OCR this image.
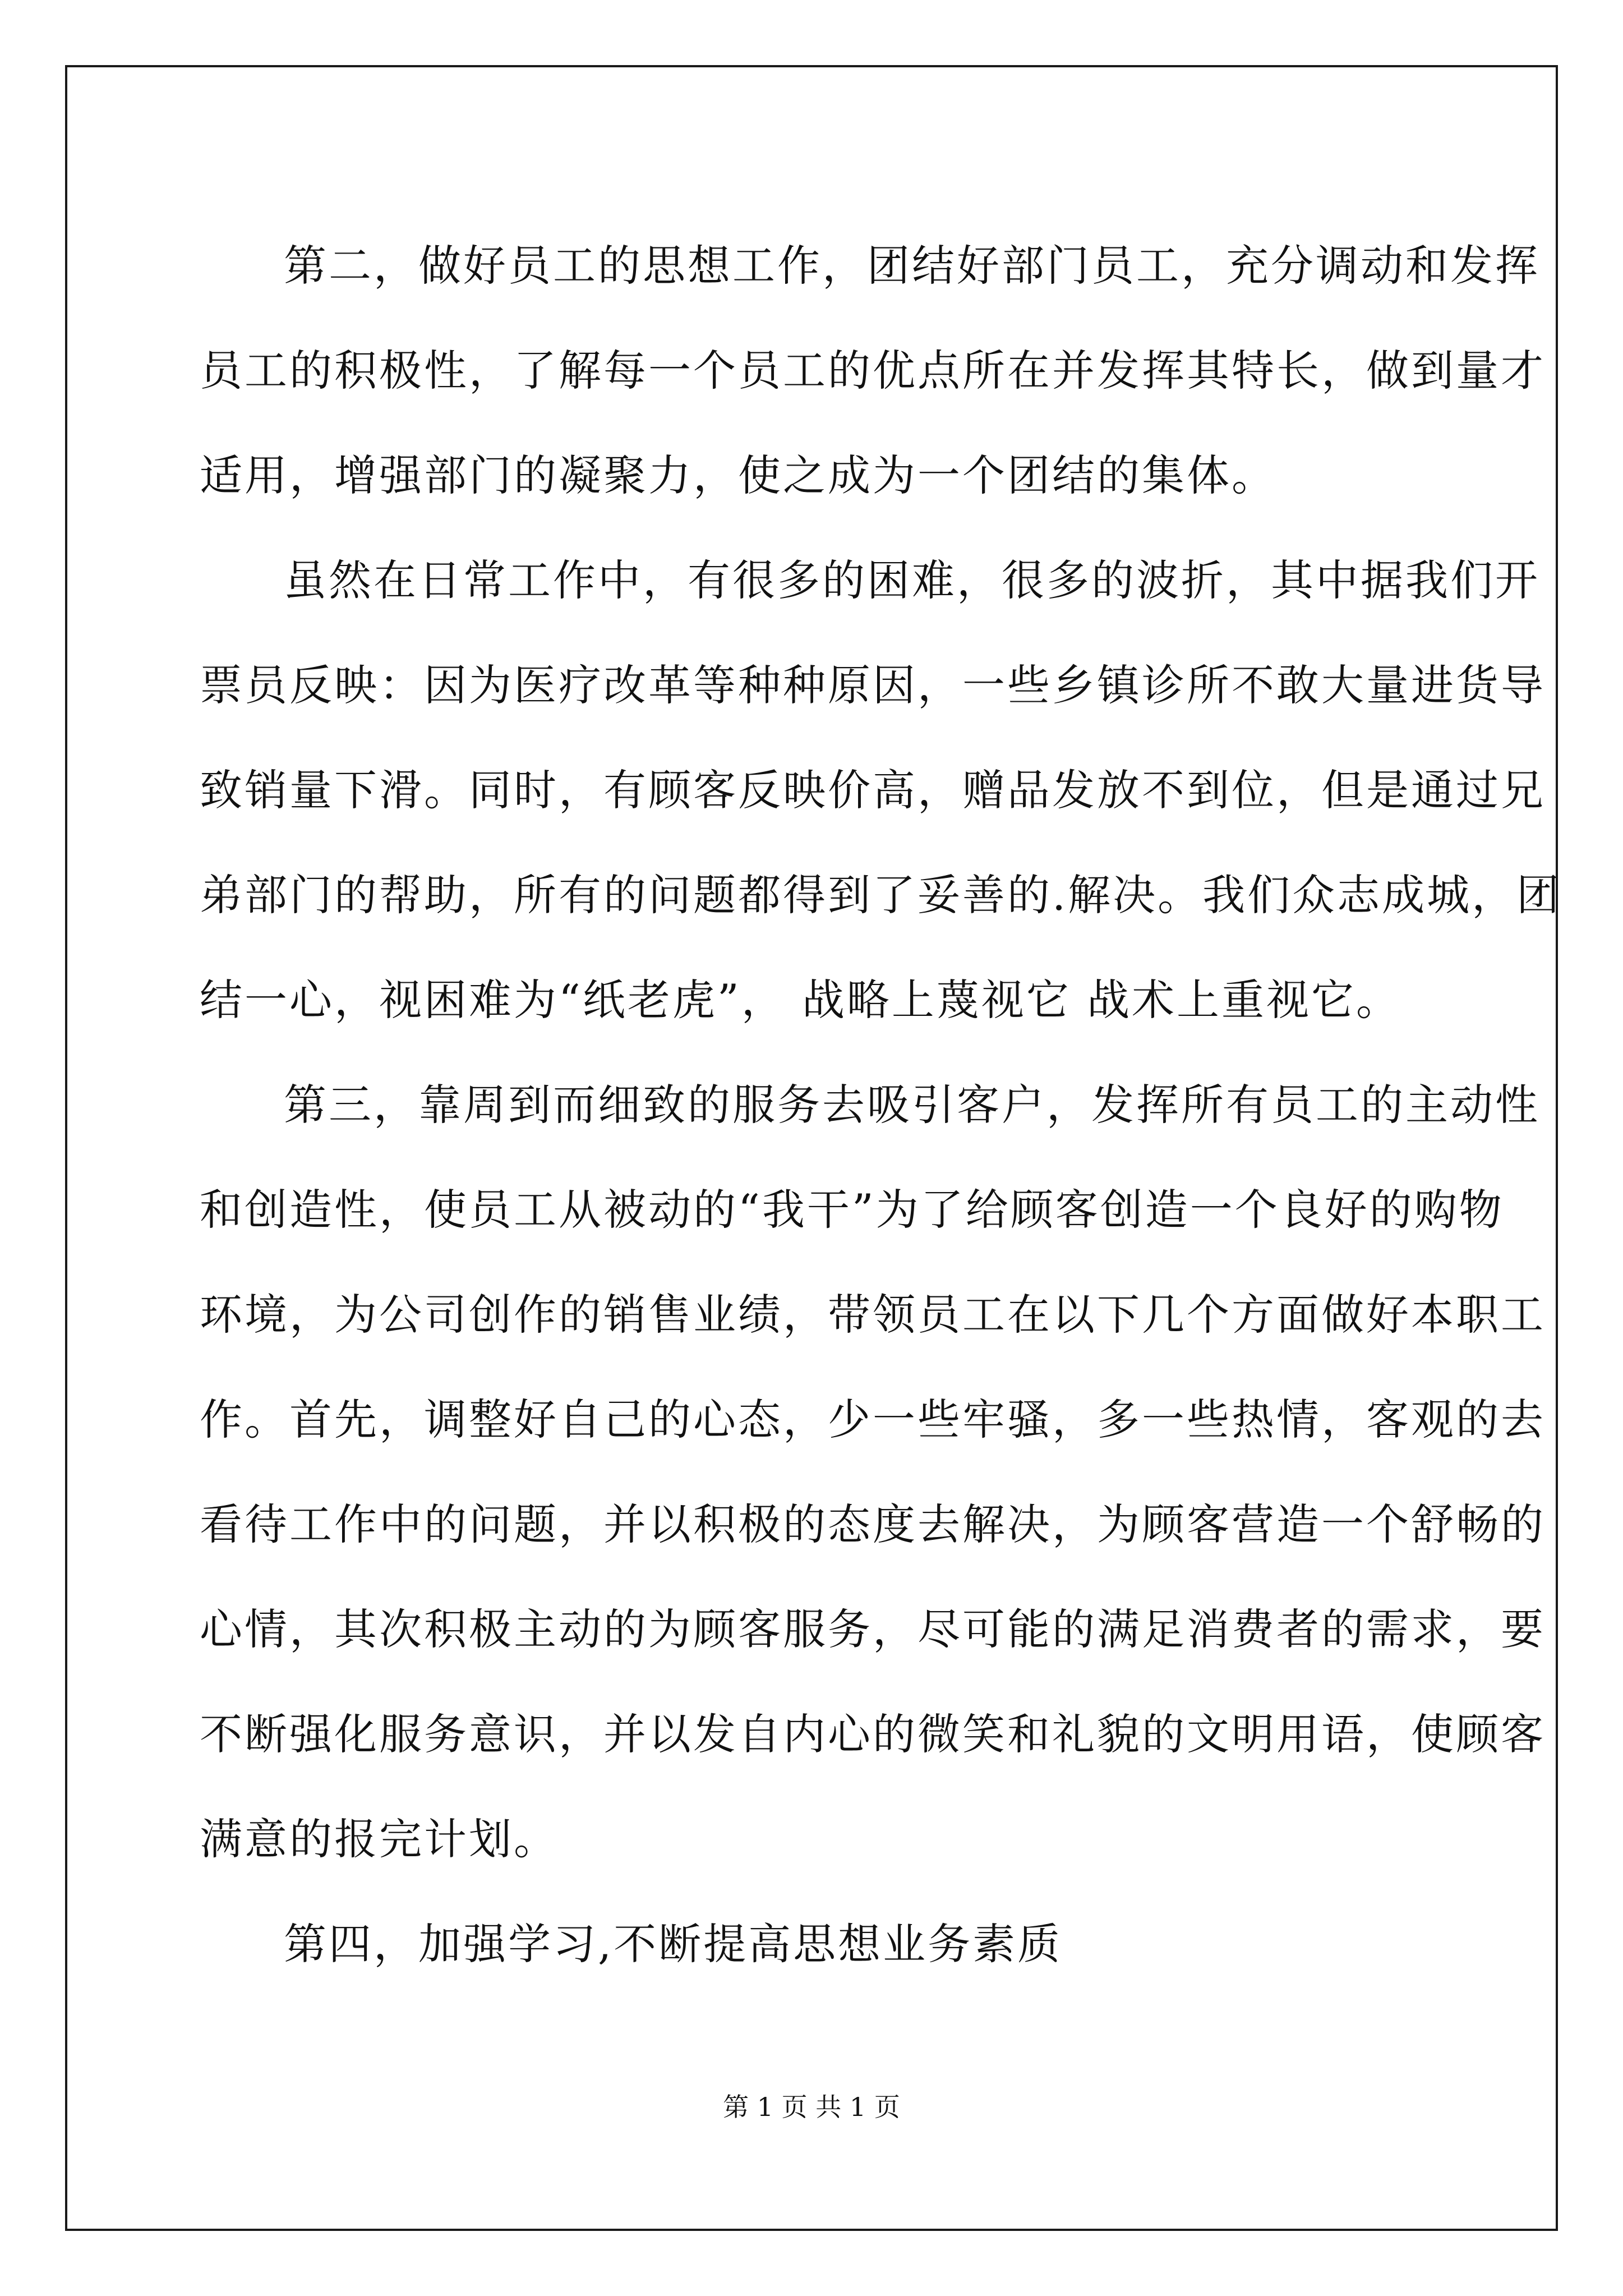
第二，做好员工的思想工作，团结好部门员工，充分调动和发挥
员工的积极性，了解每一个员工的优点所在并发挥其特长，做到量才
适用，增强部门的凝聚力，使之成为一个团结的集体。

虽然在日常工作中，有很多的困难，很多的波折，其中据我们开
票员反映：因为医疗改革等种种原因，一些乡镇诊所不敢大量进货导
致销量下滑。同时，有顾客反映价高，赠品发放不到位，但是通过兄
弟部门的帮助，所有的问题都得到了妥善的.解决。我们众志成城，团
结一心，视困难为“纸老虎”， 战略上蔑视它 战术上重视它。

第三，靠周到而细致的服务去吸引客户，发挥所有员工的主动性
和创造性，使员工从被动的“我干”为了给顾客创造一个良好的购物
环境，为公司创作的销售业绩，带领员工在以下几个方面做好本职工
作。首先，调整好自己的心态，少一些牢骚，多一些热情，客观的去
看待工作中的问题，并以积极的态度去解决，为顾客营造一个舒畅的
心情，其次积极主动的为顾客服务，尽可能的满足消费者的需求，要
不断强化服务意识，并以发自内心的微笑和礼貌的文明用语，使顾客
满意的报完计划。

第四，加强学习,不断提高思想业务素质

第 1 页 共 1 页
